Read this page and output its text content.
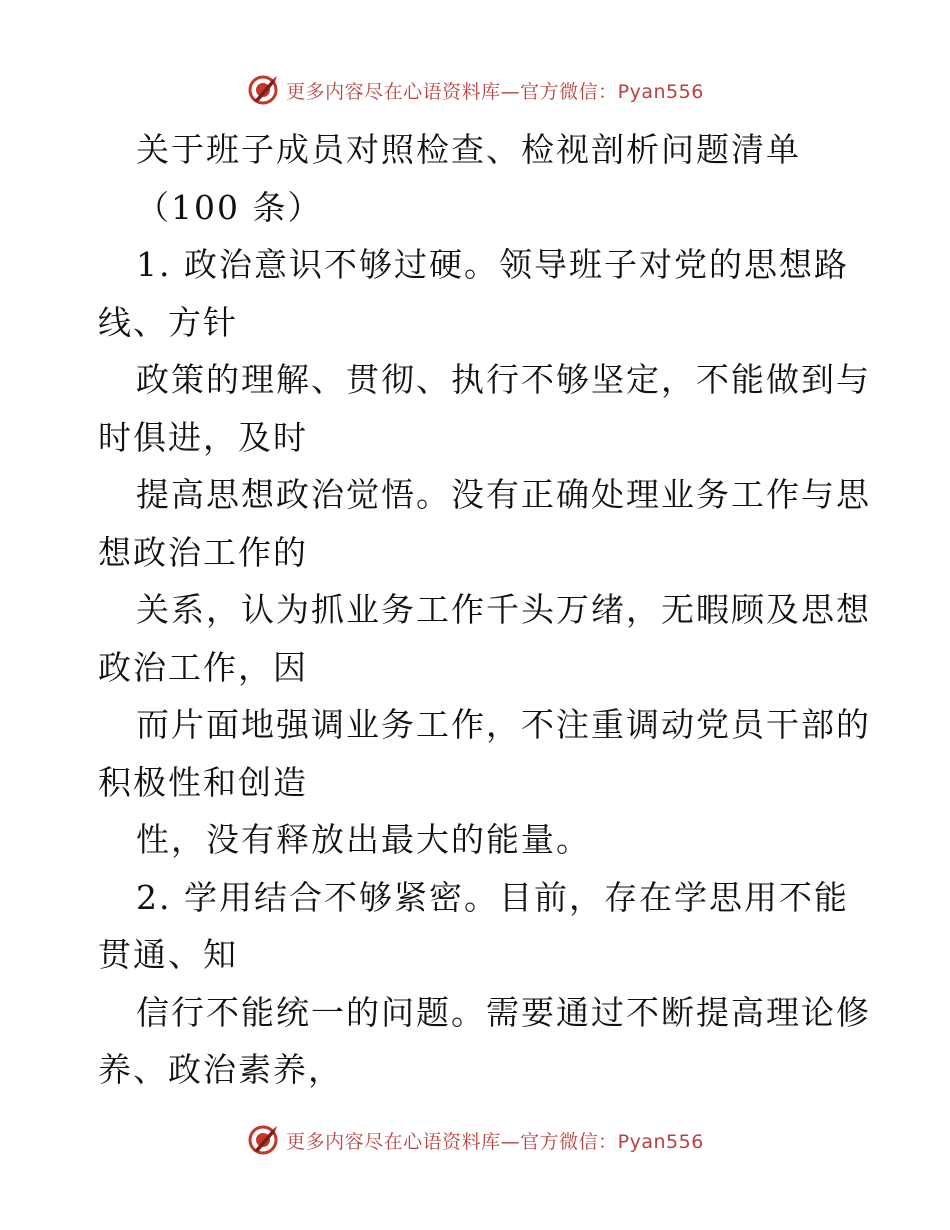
更多内容尽在心语资料库—官方微信：Pyan556
关于班子成员对照检查、检视剖析问题清单
（100 条）
1. 政治意识不够过硬。领导班子对党的思想路
线、方针
政策的理解、贯彻、执行不够坚定，不能做到与
时俱进，及时
提高思想政治觉悟。没有正确处理业务工作与思
想政治工作的
关系，认为抓业务工作千头万绪，无暇顾及思想
政治工作，因
而片面地强调业务工作，不注重调动党员干部的
积极性和创造
性，没有释放出最大的能量。
2. 学用结合不够紧密。目前，存在学思用不能
贯通、知
信行不能统一的问题。需要通过不断提高理论修
养、政治素养，
更多内容尽在心语资料库—官方微信：Pyan556
